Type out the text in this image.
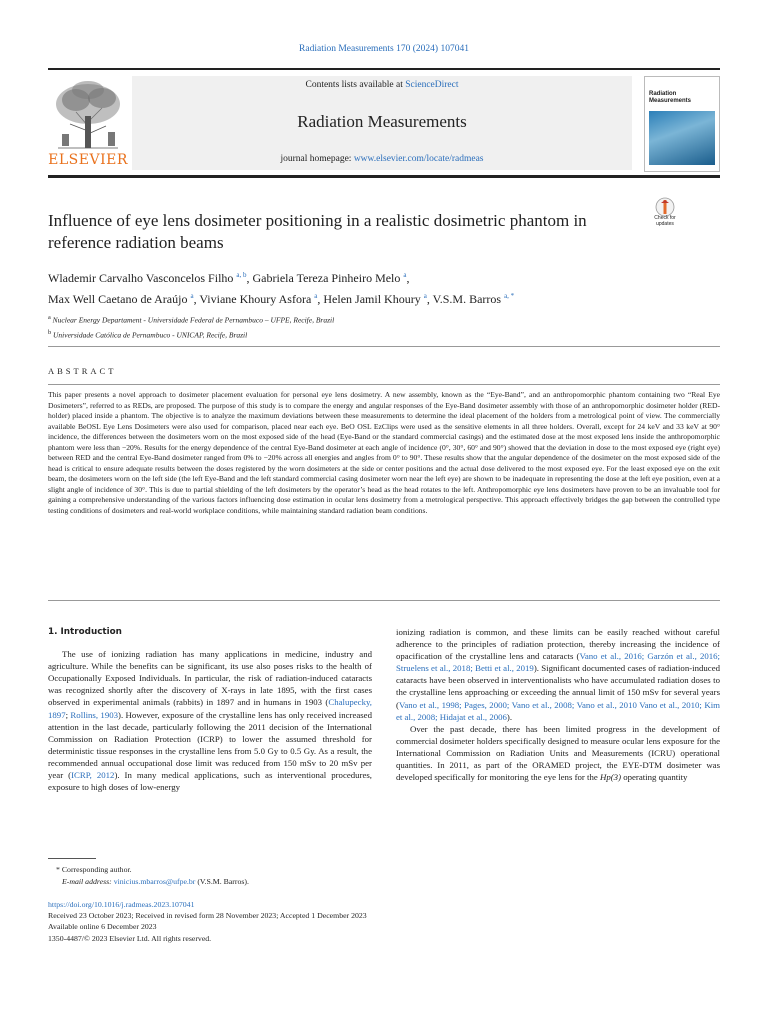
Radiation Measurements 170 (2024) 107041
ELSEVIER
Contents lists available at ScienceDirect
Radiation Measurements
journal homepage: www.elsevier.com/locate/radmeas
Radiation Measurements
Influence of eye lens dosimeter positioning in a realistic dosimetric phantom in reference radiation beams
Check for updates
Wlademir Carvalho Vasconcelos Filho $^{a, b}$, Gabriela Tereza Pinheiro Melo $^a$,
Max Well Caetano de Araújo $^a$, Viviane Khoury Asfora $^a$, Helen Jamil Khoury $^a$, V.S.M. Barros $^{a, *}$
$^a$ Nuclear Energy Departament - Universidade Federal de Pernambuco – UFPE, Recife, Brazil
$^b$ Universidade Católica de Pernambuco - UNICAP, Recife, Brazil
ABSTRACT
This paper presents a novel approach to dosimeter placement evaluation for personal eye lens dosimetry. A new assembly, known as the “Eye-Band”, and an anthropomorphic phantom containing two “Real Eye Dosimeters”, referred to as REDs, are proposed. The purpose of this study is to compare the energy and angular responses of the Eye-Band dosimeter assembly with those of an anthropomorphic dosimeter holder (RED-holder) placed inside a phantom. The objective is to analyze the maximum deviations between these measurements to determine the ideal placement of the holders from a metrological point of view. The commercially available BeOSL Eye Lens Dosimeters were also used for comparison, placed near each eye. BeO OSL EzClips were used as the sensitive elements in all three holders. Overall, except for 24 keV and 33 keV at 90° incidence, the differences between the dosimeters worn on the most exposed side of the head (Eye-Band or the standard commercial casings) and the estimated dose at the most exposed lens inside the anthropomorphic phantom were less than −20%. Results for the energy dependence of the central Eye-Band dosimeter at each angle of incidence (0°, 30°, 60° and 90°) showed that the deviation in dose to the most exposed eye (right eye) between RED and the central Eye-Band dosimeter ranged from 0% to −20% across all energies and angles from 0° to 90°. These results show that the angular dependence of the dosimeter on the most exposed side of the head is critical to ensure adequate results between the doses registered by the worn dosimeters at the side or center positions and the actual dose delivered to the most exposed eye. For the least exposed eye on the exit beam, the dosimeters worn on the left side (the left Eye-Band and the left standard commercial casing dosimeter worn near the left eye) are shown to be inadequate in representing the dose at the left eye position, even at a slight angle of incidence of 30°. This is due to partial shielding of the left dosimeters by the operator’s head as the head rotates to the left. Anthropomorphic eye lens dosimeters have proven to be an invaluable tool for gaining a comprehensive understanding of the various factors influencing dose estimation in ocular lens dosimetry from a metrological perspective. This approach effectively bridges the gap between the controlled type testing conditions of dosimeters and real-world workplace conditions, while maintaining standard radiation beam conditions.
1. Introduction

The use of ionizing radiation has many applications in medicine, industry and agriculture. While the benefits can be significant, its use also poses risks to the health of Occupationally Exposed Individuals. In particular, the risk of radiation-induced cataracts was recognized shortly after the discovery of X-rays in late 1895, with the first cases observed in experimental animals (rabbits) in 1897 and in humans in 1903 (Chalupecky, 1897; Rollins, 1903). However, exposure of the crystalline lens has only received increased attention in the last decade, particularly following the 2011 decision of the International Commission on Radiation Protection (ICRP) to lower the assumed threshold for deterministic tissue responses in the crystalline lens from 5.0 Gy to 0.5 Gy. As a result, the recommended annual occupational dose limit was reduced from 150 mSv to 20 mSv per year (ICRP, 2012). In many medical applications, such as interventional procedures, exposure to high doses of low-energy

ionizing radiation is common, and these limits can be easily reached without careful adherence to the principles of radiation protection, thereby increasing the incidence of opacification of the crystalline lens and cataracts (Vano et al., 2016; Garzón et al., 2016; Struelens et al., 2018; Betti et al., 2019). Significant documented cases of radiation-induced cataracts have been observed in interventionalists who have accumulated radiation doses to the crystalline lens approaching or exceeding the annual limit of 150 mSv for several years (Vano et al., 1998; Pages, 2000; Vano et al., 2008; Vano et al., 2010 Vano et al., 2010; Kim et al., 2008; Hidajat et al., 2006).

Over the past decade, there has been limited progress in the development of commercial dosimeter holders specifically designed to measure ocular lens exposure for the International Commission on Radiation Units and Measurements (ICRU) operational quantities. In 2011, as part of the ORAMED project, the EYE-DTM dosimeter was developed specifically for monitoring the eye lens for the Hp(3) operating quantity

* Corresponding author.
E-mail address: vinicius.mbarros@ufpe.br (V.S.M. Barros).
https://doi.org/10.1016/j.radmeas.2023.107041
Received 23 October 2023; Received in revised form 28 November 2023; Accepted 1 December 2023
Available online 6 December 2023
1350-4487/© 2023 Elsevier Ltd. All rights reserved.
